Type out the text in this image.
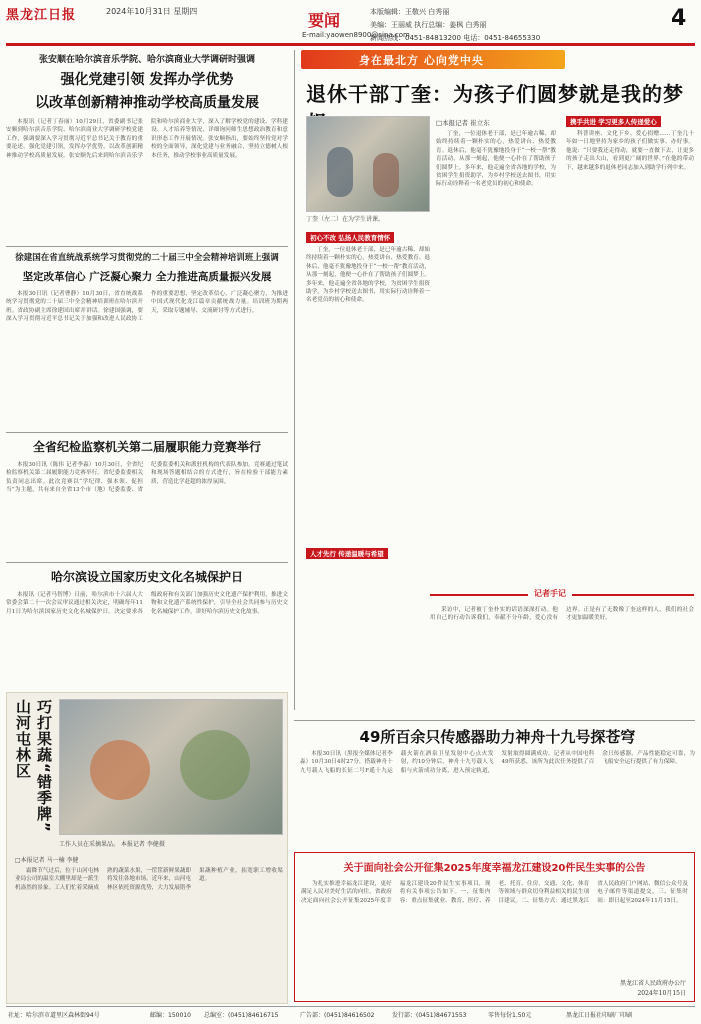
黑龙江日报	2024年10月31日 星期四	要闻
E-mail:yaowen8900@sina.com
本版编辑：王敬兴 白秀丽
美编：王丽威 执行总编：姜枫 白秀丽
新闻热线：0451-84813200 电话：0451-84655330
4
张安顺在哈尔滨音乐学院、哈尔滨商业大学调研时强调
强化党建引领 发挥办学优势
以改革创新精神推动学校高质量发展

本报讯（记者丁春丽）10月29日，省委副书记张安顺到哈尔滨音乐学院、哈尔滨商业大学调研学校党建工作，强调要深入学习贯彻习近平总书记关于教育的重要论述，强化党建引领，发挥办学优势，以改革创新精神推动学校高质量发展。张安顺先后来到哈尔滨音乐学院和哈尔滨商业大学，深入了解学校党的建设、学科建设、人才培养等情况，详细询问师生思想政治教育和意识形态工作开展情况。张安顺指出，要始终坚持党对学校的全面领导，深化党建与业务融合，坚持立德树人根本任务，推动学校事业高质量发展。

徐建国在省直统战系统学习贯彻党的二十届三中全会精神培训班上强调
坚定改革信心 广泛凝心聚力 全力推进高质量振兴发展

本报30日讯（记者曹静）10月30日，省直统战系统学习贯彻党的二十届三中全会精神培训班在哈尔滨开班。省政协副主席徐建国出席并讲话。徐建国强调，要深入学习贯彻习近平总书记关于加强和改进人民政协工作的重要思想，坚定改革信心，广泛凝心聚力，为推进中国式现代化龙江篇章贡献统战力量。培训班为期两天，采取专题辅导、交流研讨等方式进行。

全省纪检监察机关第二届履职能力竞赛举行

本报30日讯（陈伟 记者李淼）10月30日，全省纪检监察机关第二届履职能力竞赛举行。省纪委监委相关负责同志出席。此次竞赛以“学纪律、强本领、促担当”为主题，共有来自全省13个市（地）纪委监委、省纪委监委机关和派驻机构的代表队参加。竞赛通过笔试和现场答题相结合的方式进行，旨在检验干部能力素质，营造比学赶超的浓厚氛围。

哈尔滨设立国家历史文化名城保护日

本报讯（记者马智博）日前，哈尔滨市十六届人大常委会第二十一次会议审议通过相关决定，明确每年11月1日为哈尔滨国家历史文化名城保护日。决定要求各级政府和有关部门加强历史文化遗产保护利用，推进文物和文化遗产系统性保护，引导全社会共同参与历史文化名城保护工作，讲好哈尔滨历史文化故事。

巧打果蔬“错季牌” 山河屯林区
工作人员在采摘果品。 本报记者 李健摄
□本报记者 马一楠 李健

霜降节气过后，位于山河屯林业局公司的温室大棚里却是一派生机盎然的景象。工人们忙着采摘成熟的蔬菜水果，一筐筐新鲜果蔬即将发往各地市场。近年来，山河屯林区依托资源优势，大力发展错季果蔬种植产业，拓宽职工增收渠道。

身在最北方 心向党中央
退休干部丁奎：为孩子们圆梦就是我的梦
丁奎（左二）在为学生讲课。
□本报记者 崔立东

丁奎，一位退休老干部，是已年逾古稀、却始终持续着一颗朴实的心，热爱讲台、热爱教育。退休后，他毫不犹豫地投身于“一校一帮”教育活动，从那一刻起，他便一心扑在了帮助孩子们圆梦上。多年来，他走遍全省各地的学校，为贫困学生捐资助学，为乡村学校送去图书，用实际行动诠释着一名老党员的初心和使命。

初心不改 弘扬人民教育情怀

丁奎，一位退休老干部，是已年逾古稀、却始终持续着一颗朴实的心，热爱讲台、热爱教育。退休后，他毫不犹豫地投身于“一校一帮”教育活动，从那一刻起，他便一心扑在了帮助孩子们圆梦上。多年来，他走遍全省各地的学校，为贫困学生捐资助学，为乡村学校送去图书，用实际行动诠释着一名老党员的初心和使命。

人才先行 传递温暖与希望
携手共进 学习更多人传递爱心

科普讲座、文化下乡、爱心捐赠……丁奎几十年如一日地坚持为家乡的孩子们做实事、办好事。他说：“只要我还走得动，就要一直做下去，让更多的孩子走出大山，看到更广阔的世界。”在他的带动下，越来越多的退休老同志加入到助学行列中来。

记者手记

采访中，记者被丁奎朴实的话语深深打动。他用自己的行动告诉我们，奉献不分年龄，爱心没有边界。正是有了无数像丁奎这样的人，我们的社会才更加温暖美好。

49所百余只传感器助力神舟十九号探苍穹

本报30日讯（黑报全媒体记者李淼）10月30日4时27分，搭载神舟十九号载人飞船的长征二号F遥十九运载火箭在酒泉卫星发射中心点火发射，约10分钟后，神舟十九号载人飞船与火箭成功分离，进入预定轨道，发射取得圆满成功。记者从中国电科49所获悉，该所为此次任务提供了百余只传感器，产品性能稳定可靠，为飞船安全运行提供了有力保障。

关于面向社会公开征集2025年度幸福龙江建设20件民生实事的公告

为扎实推进幸福龙江建设，更好满足人民对美好生活的向往，省政府决定面向社会公开征集2025年度幸福龙江建设20件民生实事项目，现将有关事项公告如下。一、征集内容：重点征集就业、教育、医疗、养老、托育、住房、交通、文化、体育等领域与群众切身利益相关的民生项目建议。二、征集方式：通过黑龙江省人民政府门户网站、微信公众号及电子邮件等渠道提交。三、征集时间：即日起至2024年11月15日。

黑龙江省人民政府办公厅
2024年10月15日
社址：哈尔滨市道里区森林街94号	邮编：150010 总编室：(0451)84616715	广告部：(0451)84616502	发行部：(0451)84671553	零售每份1.50元	黑龙江日报社印刷厂印刷
